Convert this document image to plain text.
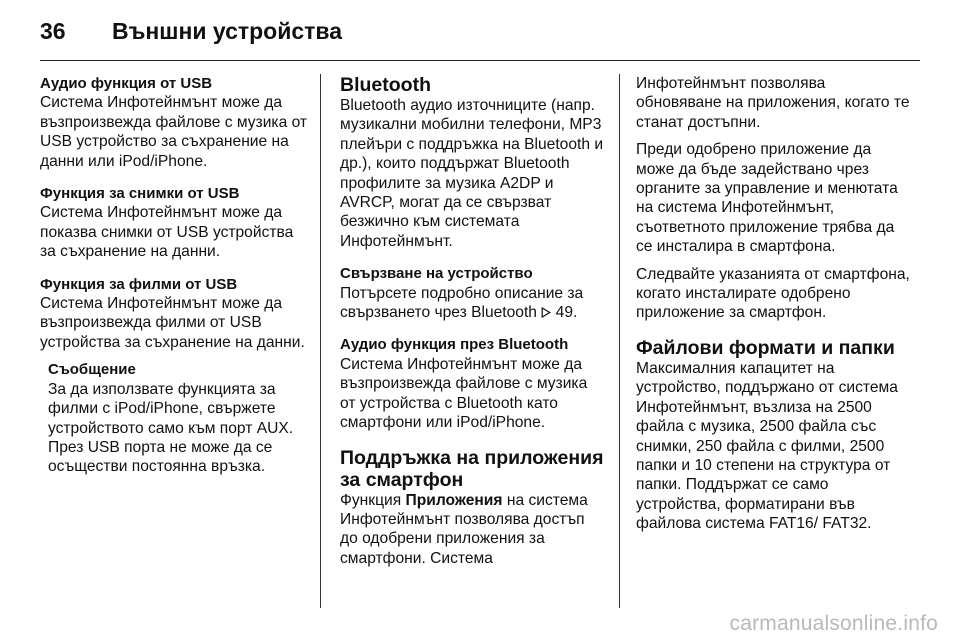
36	Външни устройства
Аудио функция от USB

Система Инфотейнмънт може да възпроизвежда файлове с музика от USB устройство за съхранение на данни или iPod/iPhone.

Функция за снимки от USB

Система Инфотейнмънт може да показва снимки от USB устройства за съхранение на данни.

Функция за филми от USB

Система Инфотейнмънт може да възпроизвежда филми от USB устройства за съхранение на данни.

Съобщение

За да използвате функцията за филми с iPod/iPhone, свържете устройството само към порт AUX. През USB порта не може да се осъществи постоянна връзка.

Bluetooth

Bluetooth аудио източниците (напр. музикални мобилни телефони, MP3 плейъри с поддръжка на Bluetooth и др.), които поддържат Bluetooth профилите за музика A2DP и AVRCP, могат да се свързват безжично към системата Инфотейнмънт.

Свързване на устройство

Потърсете подробно описание за свързването чрез Bluetooth 49.

Аудио функция през Bluetooth

Система Инфотейнмънт може да възпроизвежда файлове с музика от устройства с Bluetooth като смартфони или iPod/iPhone.

Поддръжка на приложения за смартфон

Функция Приложения на система Инфотейнмънт позволява достъп до одобрени приложения за смартфони. Система

Инфотейнмънт позволява обновяване на приложения, когато те станат достъпни.

Преди одобрено приложение да може да бъде задействано чрез органите за управление и менютата на система Инфотейнмънт, съответното приложение трябва да се инсталира в смартфона.

Следвайте указанията от смартфона, когато инсталирате одобрено приложение за смартфон.

Файлови формати и папки

Максималния капацитет на устройство, поддържано от система Инфотейнмънт, възлиза на 2500 файла с музика, 2500 файла със снимки, 250 файла с филми, 2500 папки и 10 степени на структура от папки. Поддържат се само устройства, форматирани във файлова система FAT16/ FAT32.

carmanualsonline.info
